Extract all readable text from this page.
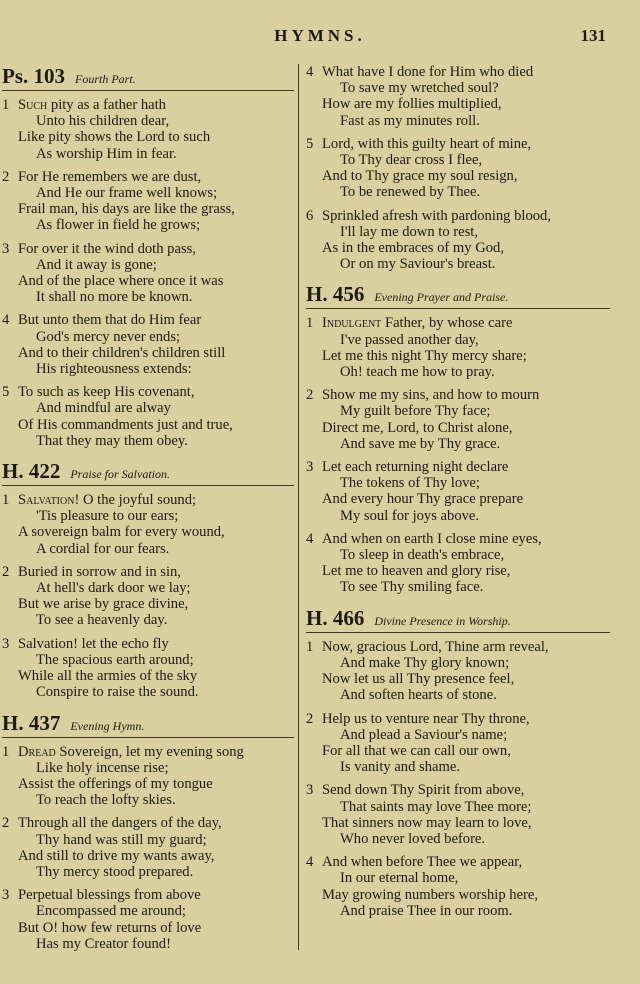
HYMNS.	131
Ps. 103 Fourth Part.
1 Such pity as a father hath
Unto his children dear,
Like pity shows the Lord to such
As worship Him in fear.
2 For He remembers we are dust,
And He our frame well knows;
Frail man, his days are like the grass,
As flower in field he grows;
3 For over it the wind doth pass,
And it away is gone;
And of the place where once it was
It shall no more be known.
4 But unto them that do Him fear
God's mercy never ends;
And to their children's children still
His righteousness extends:
5 To such as keep His covenant,
And mindful are alway
Of His commandments just and true,
That they may them obey.
H. 422 Praise for Salvation.
1 Salvation! O the joyful sound;
'Tis pleasure to our ears;
A sovereign balm for every wound,
A cordial for our fears.
2 Buried in sorrow and in sin,
At hell's dark door we lay;
But we arise by grace divine,
To see a heavenly day.
3 Salvation! let the echo fly
The spacious earth around;
While all the armies of the sky
Conspire to raise the sound.
H. 437 Evening Hymn.
1 Dread Sovereign, let my evening song
Like holy incense rise;
Assist the offerings of my tongue
To reach the lofty skies.
2 Through all the dangers of the day,
Thy hand was still my guard;
And still to drive my wants away,
Thy mercy stood prepared.
3 Perpetual blessings from above
Encompassed me around;
But O! how few returns of love
Has my Creator found!
4 What have I done for Him who died
To save my wretched soul?
How are my follies multiplied,
Fast as my minutes roll.
5 Lord, with this guilty heart of mine,
To Thy dear cross I flee,
And to Thy grace my soul resign,
To be renewed by Thee.
6 Sprinkled afresh with pardoning blood,
I'll lay me down to rest,
As in the embraces of my God,
Or on my Saviour's breast.
H. 456 Evening Prayer and Praise.
1 Indulgent Father, by whose care
I've passed another day,
Let me this night Thy mercy share;
Oh! teach me how to pray.
2 Show me my sins, and how to mourn
My guilt before Thy face;
Direct me, Lord, to Christ alone,
And save me by Thy grace.
3 Let each returning night declare
The tokens of Thy love;
And every hour Thy grace prepare
My soul for joys above.
4 And when on earth I close mine eyes,
To sleep in death's embrace,
Let me to heaven and glory rise,
To see Thy smiling face.
H. 466 Divine Presence in Worship.
1 Now, gracious Lord, Thine arm reveal,
And make Thy glory known;
Now let us all Thy presence feel,
And soften hearts of stone.
2 Help us to venture near Thy throne,
And plead a Saviour's name;
For all that we can call our own,
Is vanity and shame.
3 Send down Thy Spirit from above,
That saints may love Thee more;
That sinners now may learn to love,
Who never loved before.
4 And when before Thee we appear,
In our eternal home,
May growing numbers worship here,
And praise Thee in our room.
